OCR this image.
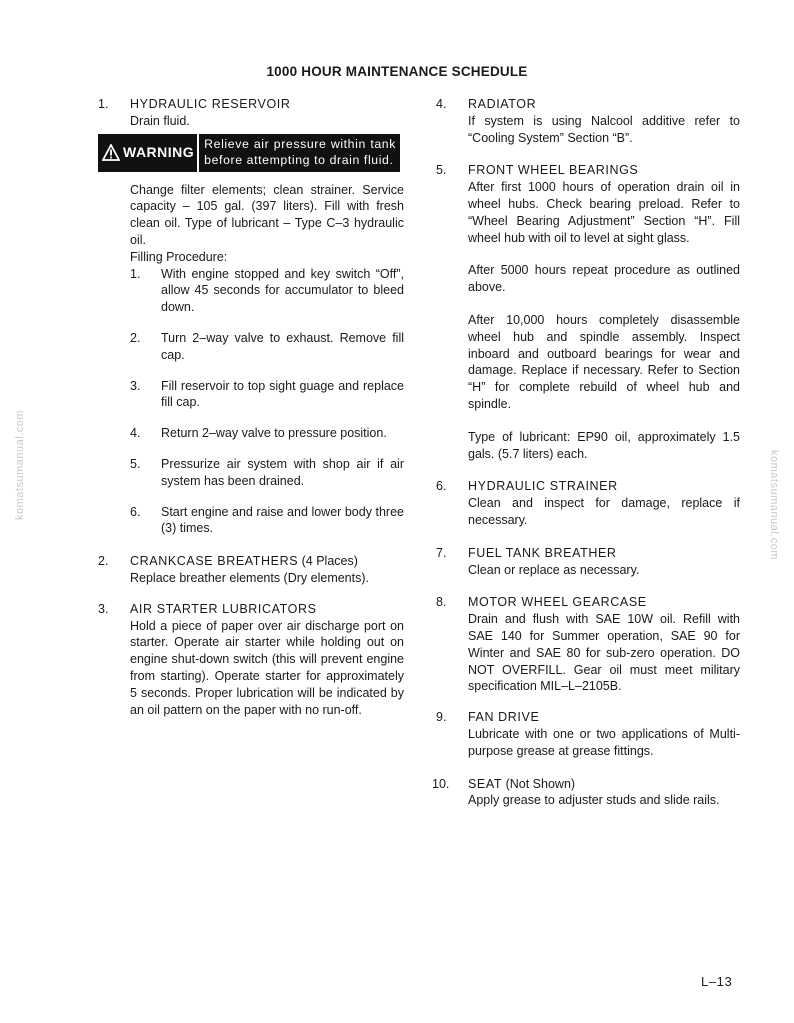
1000 HOUR MAINTENANCE SCHEDULE
1. HYDRAULIC RESERVOIR
Drain fluid.
WARNING
Relieve air pressure within tank before attempting to drain fluid.

Change filter elements; clean strainer. Service capacity – 105 gal. (397 liters). Fill with fresh clean oil. Type of lubricant – Type C–3 hydraulic oil.

Filling Procedure:
1. With engine stopped and key switch “Off”, allow 45 seconds for accumulator to bleed down.
2. Turn 2–way valve to exhaust. Remove fill cap.
3. Fill reservoir to top sight guage and replace fill cap.
4. Return 2–way valve to pressure position.
5. Pressurize air system with shop air if air system has been drained.
6. Start engine and raise and lower body three (3) times.
2. CRANKCASE BREATHERS (4 Places)
Replace breather elements (Dry elements).
3. AIR STARTER LUBRICATORS
Hold a piece of paper over air discharge port on starter. Operate air starter while holding out on engine shut-down switch (this will prevent engine from starting). Operate starter for approximately 5 seconds. Proper lubrication will be indicated by an oil pattern on the paper with no run-off.
4. RADIATOR
If system is using Nalcool additive refer to “Cooling System” Section “B”.
5. FRONT WHEEL BEARINGS

After first 1000 hours of operation drain oil in wheel hubs. Check bearing preload. Refer to “Wheel Bearing Adjustment” Section “H”. Fill wheel hub with oil to level at sight glass.

After 5000 hours repeat procedure as outlined above.

After 10,000 hours completely disassemble wheel hub and spindle assembly. Inspect inboard and outboard bearings for wear and damage. Replace if necessary. Refer to Section “H” for complete rebuild of wheel hub and spindle.

Type of lubricant: EP90 oil, approximately 1.5 gals. (5.7 liters) each.

6. HYDRAULIC STRAINER
Clean and inspect for damage, replace if necessary.
7. FUEL TANK BREATHER
Clean or replace as necessary.
8. MOTOR WHEEL GEARCASE
Drain and flush with SAE 10W oil. Refill with SAE 140 for Summer operation, SAE 90 for Winter and SAE 80 for sub-zero operation. DO NOT OVERFILL. Gear oil must meet military specification MIL–L–2105B.
9. FAN DRIVE
Lubricate with one or two applications of Multi-purpose grease at grease fittings.
10.	SEAT (Not Shown)
Apply grease to adjuster studs and slide rails.
komatsumanual.com	komatsumanual.com
L–13
